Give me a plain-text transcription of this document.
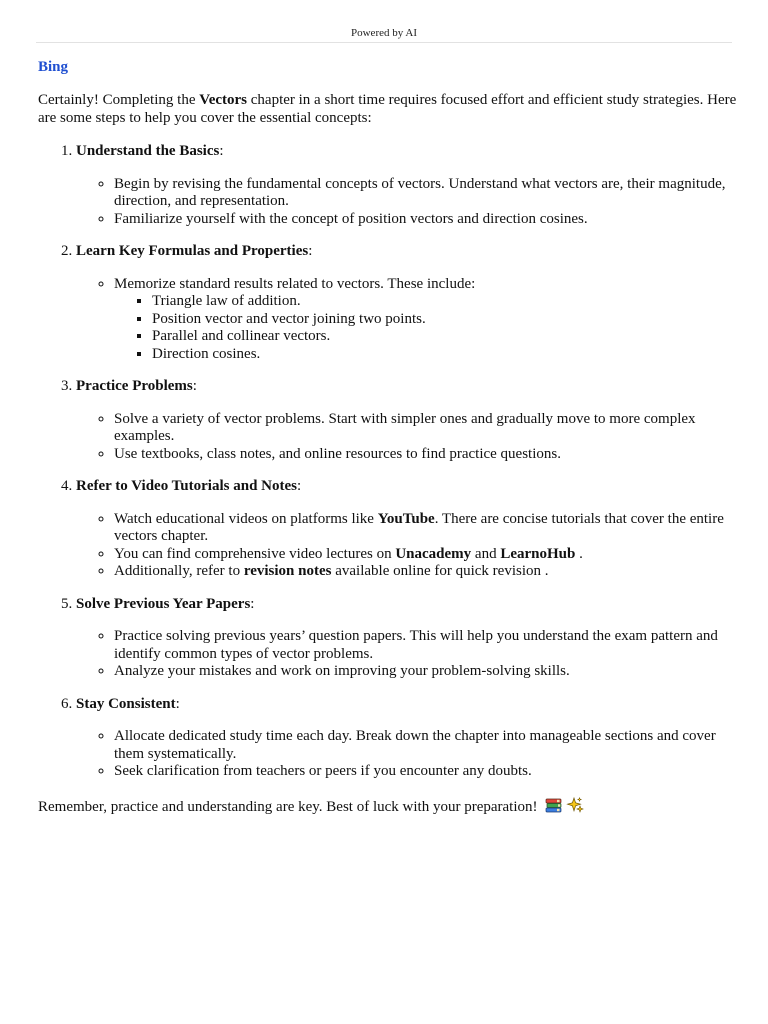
Powered by AI
Bing

Certainly! Completing the Vectors chapter in a short time requires focused effort and efficient study strategies. Here are some steps to help you cover the essential concepts:

1. Understand the Basics:
◦ Begin by revising the fundamental concepts of vectors. Understand what vectors are, their magnitude, direction, and representation.
◦ Familiarize yourself with the concept of position vectors and direction cosines.
2. Learn Key Formulas and Properties:
◦ Memorize standard results related to vectors. These include:
▪ Triangle law of addition.
▪ Position vector and vector joining two points.
▪ Parallel and collinear vectors.
▪ Direction cosines.
3. Practice Problems:
◦ Solve a variety of vector problems. Start with simpler ones and gradually move to more complex examples.
◦ Use textbooks, class notes, and online resources to find practice questions.
4. Refer to Video Tutorials and Notes:
◦ Watch educational videos on platforms like YouTube. There are concise tutorials that cover the entire vectors chapter.
◦ You can find comprehensive video lectures on Unacademy and LearnoHub .
◦ Additionally, refer to revision notes available online for quick revision .
5. Solve Previous Year Papers:
◦ Practice solving previous years’ question papers. This will help you understand the exam pattern and identify common types of vector problems.
◦ Analyze your mistakes and work on improving your problem-solving skills.
6. Stay Consistent:
◦ Allocate dedicated study time each day. Break down the chapter into manageable sections and cover them systematically.
◦ Seek clarification from teachers or peers if you encounter any doubts.

Remember, practice and understanding are key. Best of luck with your preparation!
